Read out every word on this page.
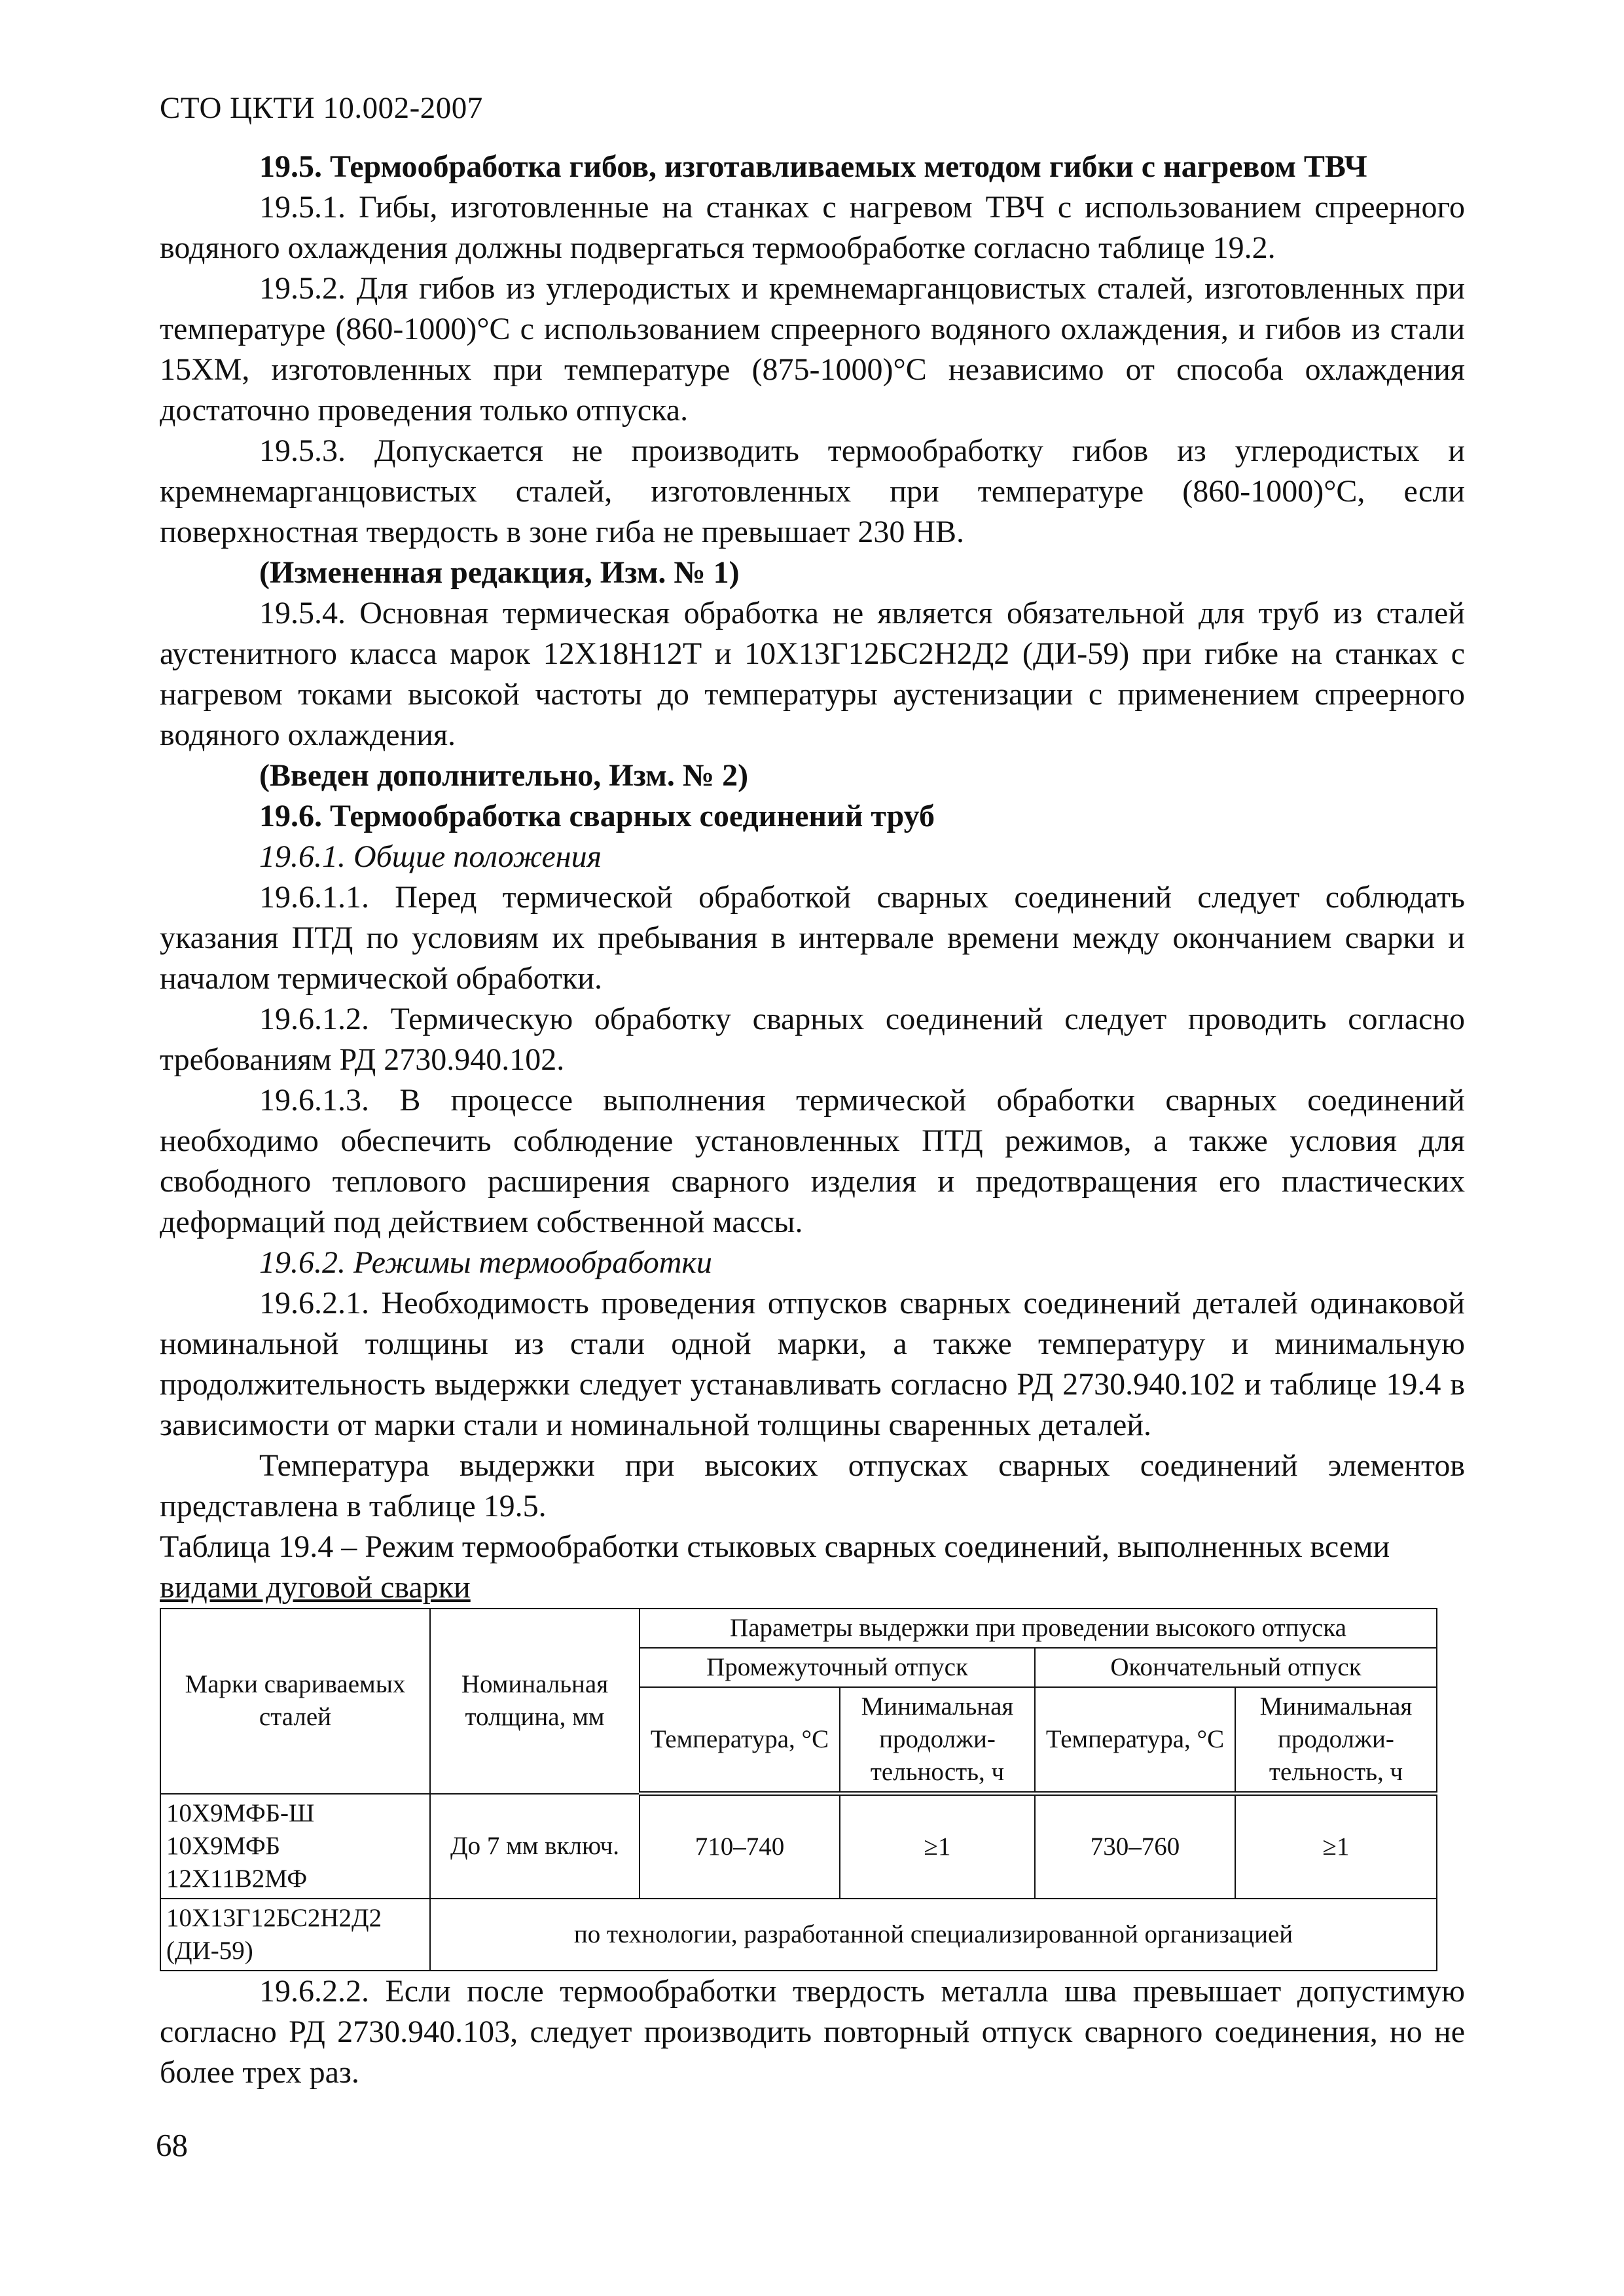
СТО ЦКТИ 10.002-2007

19.5. Термообработка гибов, изготавливаемых методом гибки с нагревом ТВЧ

19.5.1. Гибы, изготовленные на станках с нагревом ТВЧ с использованием спреерного водяного охлаждения должны подвергаться термообработке согласно таблице 19.2.

19.5.2. Для гибов из углеродистых и кремнемарганцовистых сталей, изготовленных при температуре (860-1000)°С с использованием спреерного водяного охлаждения, и гибов из стали 15ХМ, изготовленных при температуре (875-1000)°С независимо от способа охлаждения достаточно проведения только отпуска.

19.5.3. Допускается не производить термообработку гибов из углеродистых и кремнемарганцовистых сталей, изготовленных при температуре (860-1000)°С, если поверхностная твердость в зоне гиба не превышает 230 НВ.

(Измененная редакция, Изм. № 1)

19.5.4. Основная термическая обработка не является обязательной для труб из сталей аустенитного класса марок 12Х18Н12Т и 10Х13Г12БС2Н2Д2 (ДИ-59) при гибке на станках с нагревом токами высокой частоты до температуры аустенизации с применением спреерного водяного охлаждения.

(Введен дополнительно, Изм. № 2)

19.6. Термообработка сварных соединений труб

19.6.1. Общие положения

19.6.1.1. Перед термической обработкой сварных соединений следует соблюдать указания ПТД по условиям их пребывания в интервале времени между окончанием сварки и началом термической обработки.

19.6.1.2. Термическую обработку сварных соединений следует проводить согласно требованиям РД 2730.940.102.

19.6.1.3. В процессе выполнения термической обработки сварных соединений необходимо обеспечить соблюдение установленных ПТД режимов, а также условия для свободного теплового расширения сварного изделия и предотвращения его пластических деформаций под действием собственной массы.

19.6.2. Режимы термообработки

19.6.2.1. Необходимость проведения отпусков сварных соединений деталей одинаковой номинальной толщины из стали одной марки, а также температуру и минимальную продолжительность выдержки следует устанавливать согласно РД 2730.940.102 и таблице 19.4 в зависимости от марки стали и номинальной толщины сваренных деталей.

Температура выдержки при высоких отпусках сварных соединений элементов представлена в таблице 19.5.

Таблица 19.4 – Режим термообработки стыковых сварных соединений, выполненных всеми

видами дуговой сварки

Марки свариваемых сталей	Номинальная толщина, мм	Параметры выдержки при проведении высокого отпуска			
		Промежуточный отпуск		Окончательный отпуск	
		Температура, °С	Минимальная продолжи-тельность, ч	Температура, °С	Минимальная продолжи-тельность, ч

10Х9МФБ-Ш
10Х9МФБ
12Х11В2МФ	До 7 мм включ.	710–740	≥1	730–760	≥1
10Х13Г12БС2Н2Д2 (ДИ-59)	по технологии, разработанной специализированной организацией				

19.6.2.2. Если после термообработки твердость металла шва превышает допустимую согласно РД 2730.940.103, следует производить повторный отпуск сварного соединения, но не более трех раз.

68
